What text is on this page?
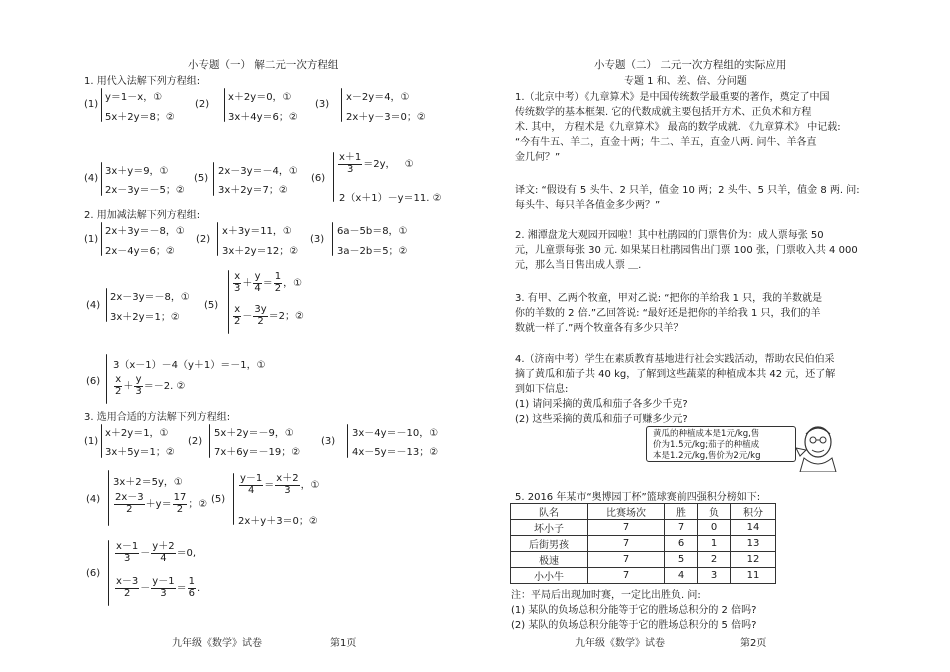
小专题（一） 解二元一次方程组
1. 用代入法解下列方程组:
(1)
y＝1－x，①
5x＋2y＝8；②
(2)
x＋2y＝0，①
3x＋4y＝6；②
(3)
x－2y＝4，①
2x＋y－3＝0；②
(4)
3x＋y＝9，①
2x－3y＝－5；②
(5)
2x－3y＝－4，①
3x＋2y＝7；②
(6)
$\frac{x+1}{3} =2y$， ①
2（x＋1）－y＝11. ②
2. 用加减法解下列方程组:
(1)
2x＋3y＝－8，①
2x－4y＝6；②
(2)
x＋3y＝11，①
3x＋2y＝12；②
(3)
6a－5b＝8，①
3a－2b＝5；②
(4)
2x－3y＝－8，①
3x＋2y＝1；②
(5)
$\frac{x}{3} + \frac{y}{4} = \frac{1}{2}$ ，①
$\frac{x}{2} - \frac{3y}{2} =2$；②
3（x－1）－4（y＋1）＝－1，①
$(6) \frac{x}{2} + \frac{y}{3} =-2$. ②
3. 选用合适的方法解下列方程组:
(1)
x＋2y＝1，①
3x＋5y＝1；②
(2)
5x＋2y＝－9，①
7x＋6y＝－19；②
(3)
3x－4y＝－10，①
4x－5y＝－13；②
(4)
3x＋2＝5y，①
$\frac{2x-3}{2} +y= \frac{17}{2}$ ；② (5)
$\frac{y-1}{4} = \frac{x+2}{3}$ ，①
2x＋y＋3＝0；②
(6)
$\frac{x-1}{3} - \frac{y+2}{4} =0$,
$\frac{x-3}{2} - \frac{y-1}{3} = \frac{1}{6}$ .
九年级《数学》试卷	第1页
小专题（二） 二元一次方程组的实际应用
专题 1 和、差、倍、分问题
1.（北京中考）《九章算术》是中国传统数学最重要的著作，奠定了中国
传统数学的基本框架. 它的代数成就主要包括开方术、正负术和方程
术. 其中， 方程术是《九章算术》 最高的数学成就. 《九章算术》 中记载:
“今有牛五、羊二，直金十两；牛二、羊五，直金八两. 问牛、羊各直
金几何？”
译文: “假设有 5 头牛、2 只羊，值金 10 两；2 头牛、5 只羊，值金 8 两. 问:
每头牛、每只羊各值金多少两？”
2. 湘潭盘龙大观园开园啦！其中杜鹃园的门票售价为：成人票每张 50
元，儿童票每张 30 元. 如果某日杜鹃园售出门票 100 张，门票收入共 4 000
元，那么当日售出成人票 ＿.
3. 有甲、乙两个牧童，甲对乙说: “把你的羊给我 1 只，我的羊数就是
你的羊数的 2 倍.”乙回答说: “最好还是把你的羊给我 1 只，我们的羊
数就一样了.”两个牧童各有多少只羊？
4.（济南中考）学生在素质教育基地进行社会实践活动，帮助农民伯伯采
摘了黄瓜和茄子共 40 kg，了解到这些蔬菜的种植成本共 42 元，还了解
到如下信息:
(1) 请问采摘的黄瓜和茄子各多少千克?
(2) 这些采摘的黄瓜和茄子可赚多少元?
黄瓜的种植成本是1元/kg,售
价为1.5元/kg;茄子的种植成
本是1.2元/kg,售价为2元/kg
5. 2016 年某市“奥博园丁杯”篮球赛前四强积分榜如下:
队名	比赛场次	胜	负	积分
坏小子	7	7	0	14
后街男孩	7	6	1	13
极速	7	5	2	12
小小牛	7	4	3	11
注：平局后出现加时赛，一定比出胜负. 问:
(1) 某队的负场总积分能等于它的胜场总积分的 2 倍吗?
(2) 某队的负场总积分能等于它的胜场总积分的 5 倍吗?
九年级《数学》试卷	第2页
